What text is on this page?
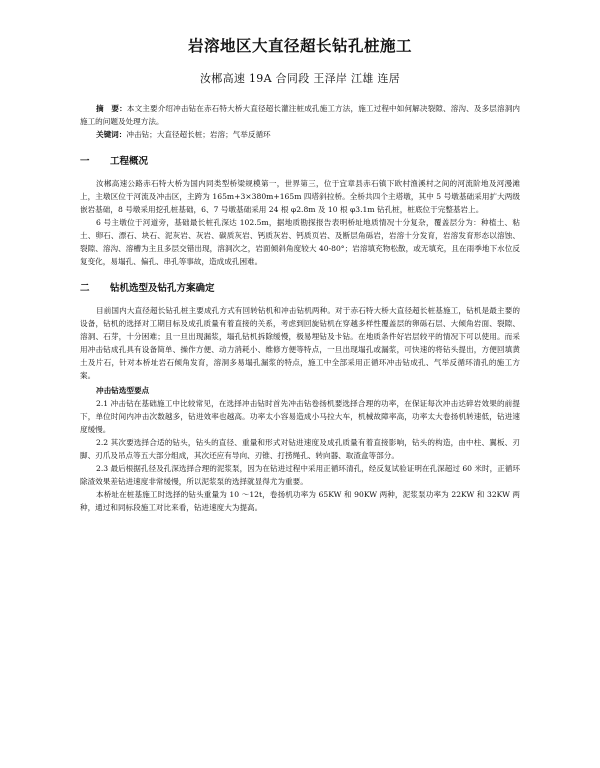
岩溶地区大直径超长钻孔桩施工
汝郴高速 19A 合同段 王泽岸 江雄 连居

摘　要：本文主要介绍冲击钻在赤石特大桥大直径超长灌注桩成孔施工方法，施工过程中如何解决裂隙、溶沟、及多层溶洞内施工的问题及处理方法。

关键词：冲击钻；大直径超长桩；岩溶；气举反循环

一 工程概况

汝郴高速公路赤石特大桥为国内同类型桥梁规模第一，世界第三，位于宜章县赤石镇下欧村渔溪村之间的河流阶地及河漫滩上，主墩区位于河流及冲击区，主跨为 165m+3×380m+165m 四塔斜拉桥。全桥共四个主塔墩，其中 5 号墩基础采用扩大两级嵌岩基础，8 号墩采用挖孔桩基础，6、7 号墩基础采用 24 根 φ2.8m 及 10 根 φ3.1m 钻孔桩，桩底位于完整基岩上。

6 号主墩位于河道旁，基础最长桩孔深达 102.5m，据地质勘探报告表明桥址地质情况十分复杂，覆盖层分为：种植土、粘土、卵石、漂石、块石、泥灰岩、灰岩、碳质灰岩、钙质灰岩、钙质页岩、及断层角砾岩，岩溶十分发育，岩溶发育形态以溶蚀、裂隙、溶沟、溶槽为主且多层交错出现，溶洞次之，岩面倾斜角度较大 40-80°；岩溶填充物松散，或无填充，且在雨季地下水位反复变化，易塌孔、偏孔、串孔等事故，造成成孔困难。

二 钻机选型及钻孔方案确定

目前国内大直径超长钻孔桩主要成孔方式有回转钻机和冲击钻机两种。对于赤石特大桥大直径超长桩基施工，钻机是最主要的设备，钻机的选择对工期目标及成孔质量有着直接的关系，考虑到回旋钻机在穿越多样性覆盖层的卵砾石层、大倾角岩面、裂隙、溶洞、石芽，十分困难；且一旦出现漏浆，塌孔钻机拆除缓慢，极易埋钻及卡钻。在地质条件好岩层较平的情况下可以使用。而采用冲击钻成孔具有设备简单、操作方便、动力消耗小、维修方便等特点，一旦出现塌孔或漏浆，可快速的将钻头提出，方便回填黄土及片石，针对本桥址岩石倾角发育，溶洞多易塌孔漏浆的特点，施工中全部采用正循环冲击钻成孔、气举反循环清孔的施工方案。

冲击钻选型要点

2.1 冲击钻在基础施工中比较常见，在选择冲击钻时首先冲击钻卷扬机要选择合理的功率，在保证每次冲击达碎岩效果的前提下，单位时间内冲击次数越多，钻进效率也越高。功率太小容易造成小马拉大车，机械故障率高，功率太大卷扬机转速低，钻进速度缓慢。

2.2 其次要选择合适的钻头，钻头的直径、重量和形式对钻进速度及成孔质量有着直接影响，钻头的构造，由中柱、翼板、刃脚、刃爪及吊点等五大部分组成，其次还应有导向、刃锥、打捞绳孔、转向器、取渣盒等部分。

2.3 最后根据孔径及孔深选择合理的泥浆泵，因为在钻进过程中采用正循环清孔，经反复试验证明在孔深超过 60 米时，正循环除渣效果差钻进速度非常缓慢，所以泥浆泵的选择就显得尤为重要。

本桥址在桩基施工时选择的钻头重量为 10 ～12t，卷扬机功率为 65KW 和 90KW 两种，泥浆泵功率为 22KW 和 32KW 两种，通过和同标段施工对比来看，钻进速度大为提高。
